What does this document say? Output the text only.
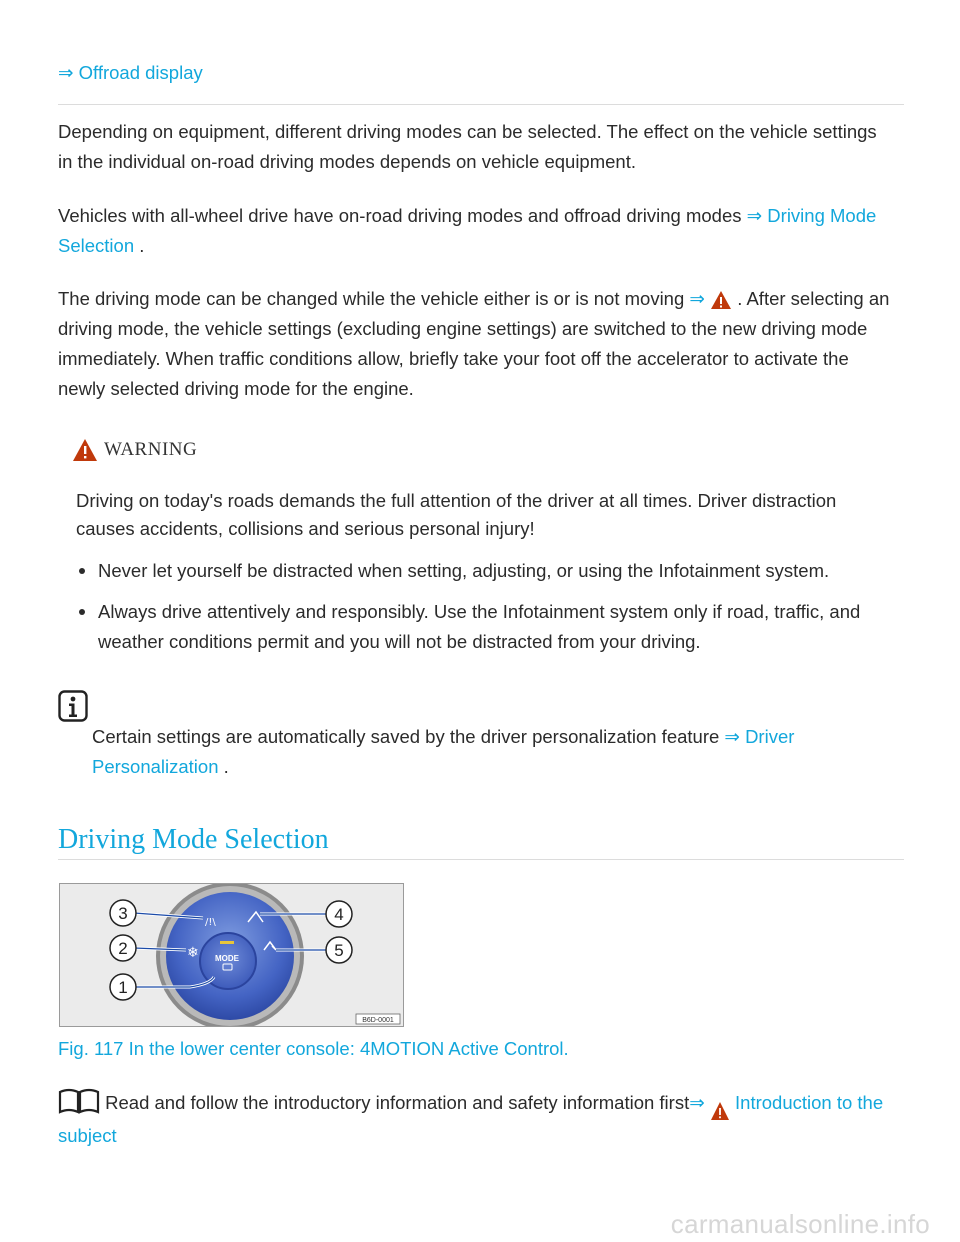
⇒ Offroad display
Depending on equipment, different driving modes can be selected. The effect on the vehicle settings
in the individual on-road driving modes depends on vehicle equipment.
Vehicles with all-wheel drive have on-road driving modes and offroad driving modes ⇒ Driving Mode
Selection .
The driving mode can be changed while the vehicle either is or is not moving ⇒  . After selecting an
driving mode, the vehicle settings (excluding engine settings) are switched to the new driving mode
immediately. When traffic conditions allow, briefly take your foot off the accelerator to activate the
newly selected driving mode for the engine.
WARNING
Driving on today's roads demands the full attention of the driver at all times. Driver distraction
causes accidents, collisions and serious personal injury!
Never let yourself be distracted when setting, adjusting, or using the Infotainment system.
Always drive attentively and responsibly. Use the Infotainment system only if road, traffic, and
weather conditions permit and you will not be distracted from your driving.
Certain settings are automatically saved by the driver personalization feature ⇒ Driver
Personalization .
Driving Mode Selection
MODE
/!\
❄
3
2
1
4
5
B6D-0001
Fig. 117 In the lower center console: 4MOTION Active Control.
Read and follow the introductory information and safety information first⇒ Introduction to the
subject
carmanualsonline.info
